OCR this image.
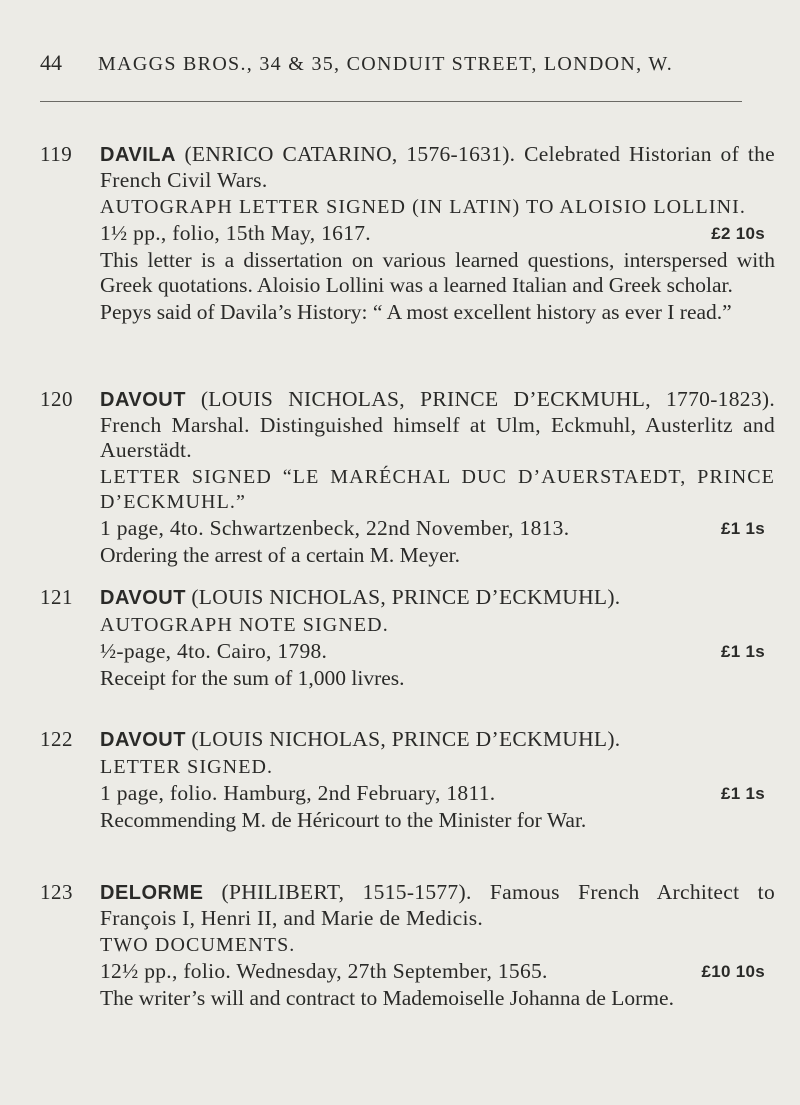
44	MAGGS BROS., 34 & 35, CONDUIT STREET, LONDON, W.
119	DAVILA (ENRICO CATARINO, 1576-1631). Celebrated Historian of the French Civil Wars.

AUTOGRAPH LETTER SIGNED (IN LATIN) TO ALOISIO LOLLINI.

1½ pp., folio, 15th May, 1617.	£2 10s

This letter is a dissertation on various learned questions, interspersed with Greek quotations. Aloisio Lollini was a learned Italian and Greek scholar.

Pepys said of Davila’s History: “ A most excellent history as ever I read.”

120	DAVOUT (LOUIS NICHOLAS, PRINCE D’ECKMUHL, 1770-1823). French Marshal. Distinguished himself at Ulm, Eckmuhl, Austerlitz and Auerstädt.

LETTER SIGNED “LE MARÉCHAL DUC D’AUERSTAEDT, PRINCE D’ECKMUHL.”

1 page, 4to. Schwartzenbeck, 22nd November, 1813.	£1 1s

Ordering the arrest of a certain M. Meyer.

121	DAVOUT (LOUIS NICHOLAS, PRINCE D’ECKMUHL).

AUTOGRAPH NOTE SIGNED.

½-page, 4to. Cairo, 1798.	£1 1s

Receipt for the sum of 1,000 livres.

122	DAVOUT (LOUIS NICHOLAS, PRINCE D’ECKMUHL).

LETTER SIGNED.

1 page, folio. Hamburg, 2nd February, 1811.	£1 1s

Recommending M. de Héricourt to the Minister for War.

123	DELORME (PHILIBERT, 1515-1577). Famous French Architect to François I, Henri II, and Marie de Medicis.

TWO DOCUMENTS.

12½ pp., folio. Wednesday, 27th September, 1565.	£10 10s

The writer’s will and contract to Mademoiselle Johanna de Lorme.
